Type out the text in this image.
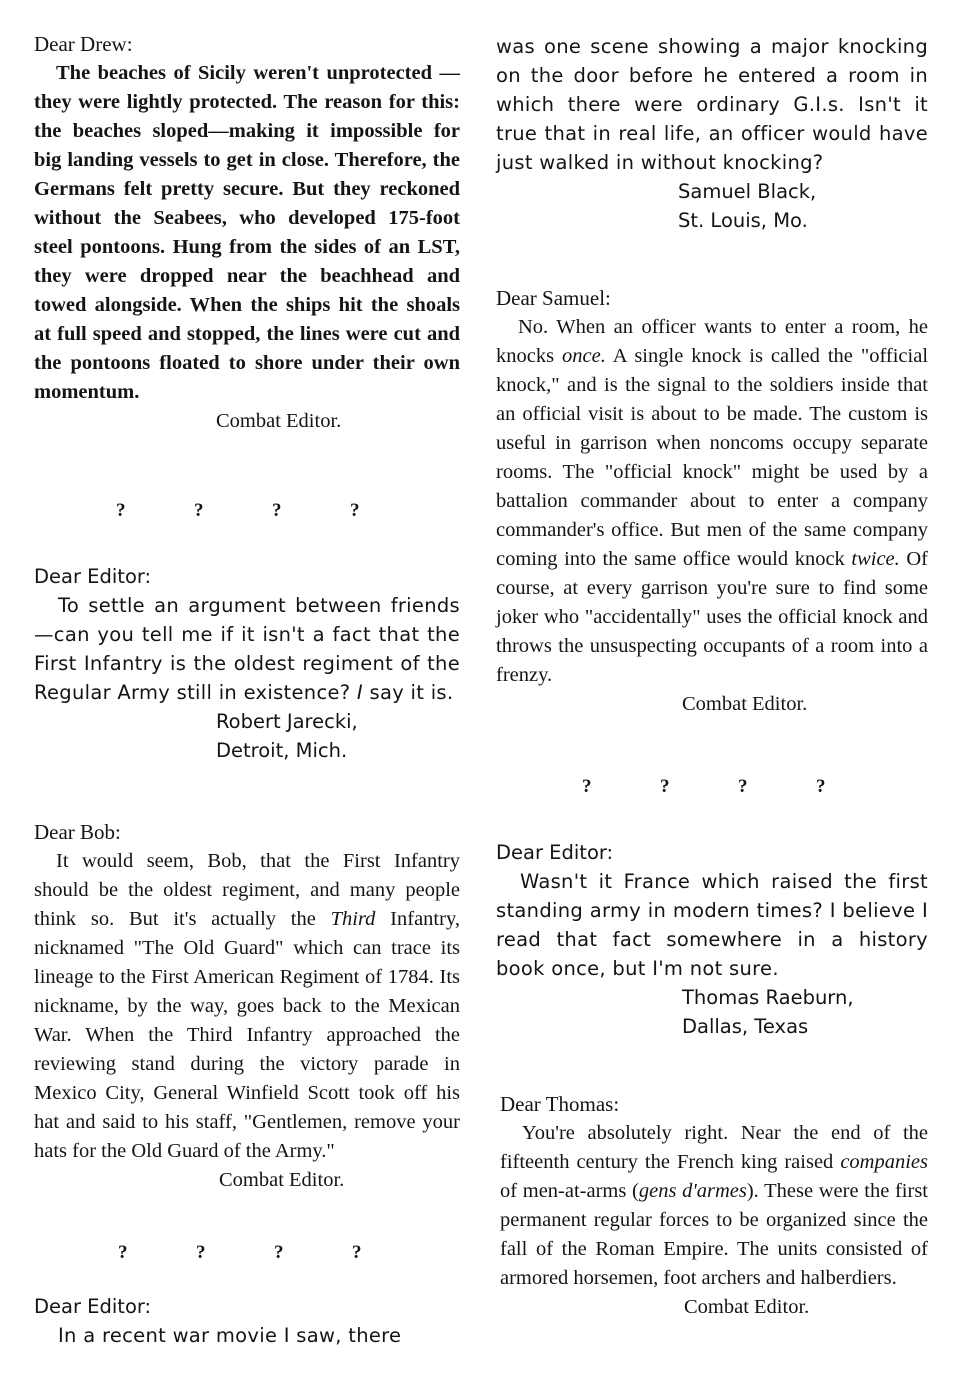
Dear Drew:

The beaches of Sicily weren't unprotected —they were lightly protected. The reason for this: the beaches sloped—making it impossible for big landing vessels to get in close. Therefore, the Germans felt pretty secure. But they reckoned without the Seabees, who developed 175-foot steel pontoons. Hung from the sides of an LST, they were dropped near the beachhead and towed alongside. When the ships hit the shoals at full speed and stopped, the lines were cut and the pontoons floated to shore under their own momentum.

Combat Editor.

?	?	?	?

Dear Editor:

To settle an argument between friends—can you tell me if it isn't a fact that the First Infantry is the oldest regiment of the Regular Army still in existence? I say it is.

Robert Jarecki,

Detroit, Mich.

Dear Bob:

It would seem, Bob, that the First Infantry should be the oldest regiment, and many people think so. But it's actually the Third Infantry, nicknamed "The Old Guard" which can trace its lineage to the First American Regiment of 1784. Its nickname, by the way, goes back to the Mexican War. When the Third Infantry approached the reviewing stand during the victory parade in Mexico City, General Winfield Scott took off his hat and said to his staff, "Gentlemen, remove your hats for the Old Guard of the Army."

Combat Editor.

?	?	?	?

Dear Editor:

In a recent war movie I saw, there

was one scene showing a major knocking on the door before he entered a room in which there were ordinary G.I.s. Isn't it true that in real life, an officer would have just walked in without knocking?

Samuel Black,

St. Louis, Mo.

Dear Samuel:

No. When an officer wants to enter a room, he knocks once. A single knock is called the "official knock," and is the signal to the soldiers inside that an official visit is about to be made. The custom is useful in garrison when noncoms occupy separate rooms. The "official knock" might be used by a battalion commander about to enter a company commander's office. But men of the same company coming into the same office would knock twice. Of course, at every garrison you're sure to find some joker who "accidentally" uses the official knock and throws the unsuspecting occupants of a room into a frenzy.

Combat Editor.

?	?	?	?

Dear Editor:

Wasn't it France which raised the first standing army in modern times? I believe I read that fact somewhere in a history book once, but I'm not sure.

Thomas Raeburn,

Dallas, Texas

Dear Thomas:

You're absolutely right. Near the end of the fifteenth century the French king raised companies of men-at-arms (gens d'armes). These were the first permanent regular forces to be organized since the fall of the Roman Empire. The units consisted of armored horsemen, foot archers and halberdiers.

Combat Editor.
